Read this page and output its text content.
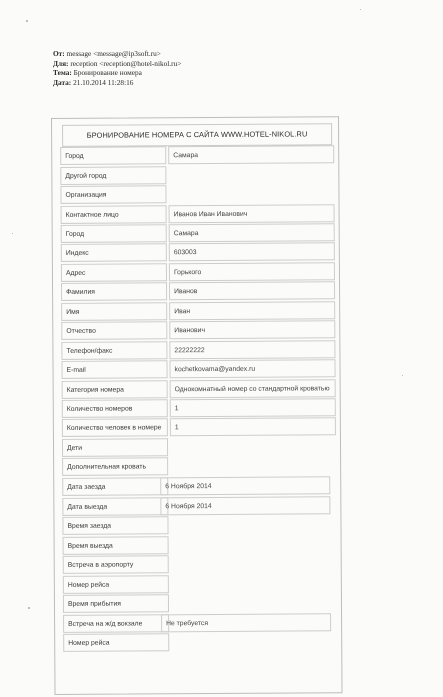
От: message <message@ip3soft.ru>
Для: reception <reception@hotel-nikol.ru>
Тема: Бронирование номера
Дата: 21.10.2014 11:28:16
БРОНИРОВАНИЕ НОМЕРА С САЙТА WWW.HOTEL-NIKOL.RU
Город	Самара
Другой город
Организация
Контактное лицо	Иванов Иван Иванович
Город	Самара
Индекс	603003
Адрес	Горького
Фамилия	Иванов
Имя	Иван
Отчество	Иванович
Телефон/факс	22222222
E-mail	kochetkovama@yandex.ru
Категория номера	Однокомнатный номер со стандартной кроватью
Количество номеров	1
Количество человек в номере	1
Дети
Дополнительная кровать
Дата заезда	6 Ноября 2014
Дата выезда	6 Ноября 2014
Время заезда
Время выезда
Встреча в аэропорту
Номер рейса
Время прибытия
Встреча на ж/д вокзале	Не требуется
Номер рейса
